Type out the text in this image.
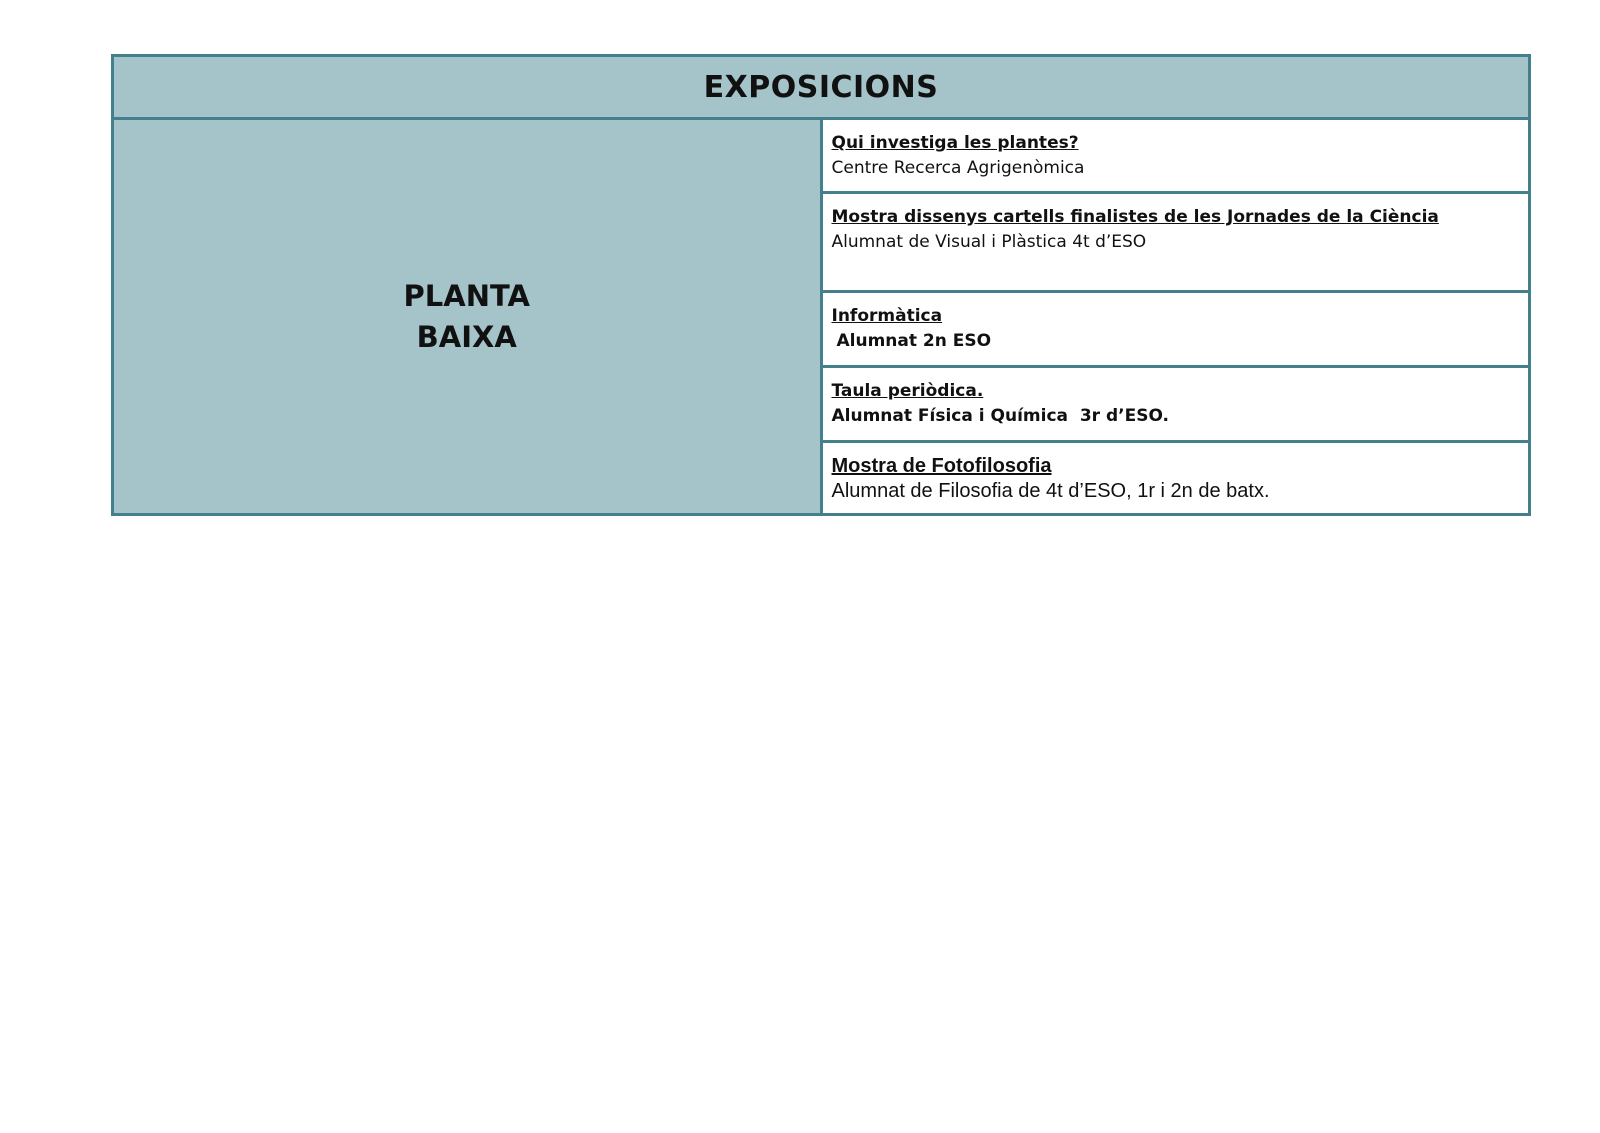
EXPOSICIONS

PLANTA
BAIXA

Qui investiga les plantes?
Centre Recerca Agrigenòmica

Mostra dissenys cartells finalistes de les Jornades de la Ciència
Alumnat de Visual i Plàstica 4t d’ESO

Informàtica
Alumnat 2n ESO

Taula periòdica.
Alumnat Física i Química  3r d’ESO.

Mostra de Fotofilosofia
Alumnat de Filosofia de 4t d’ESO, 1r i 2n de batx.
